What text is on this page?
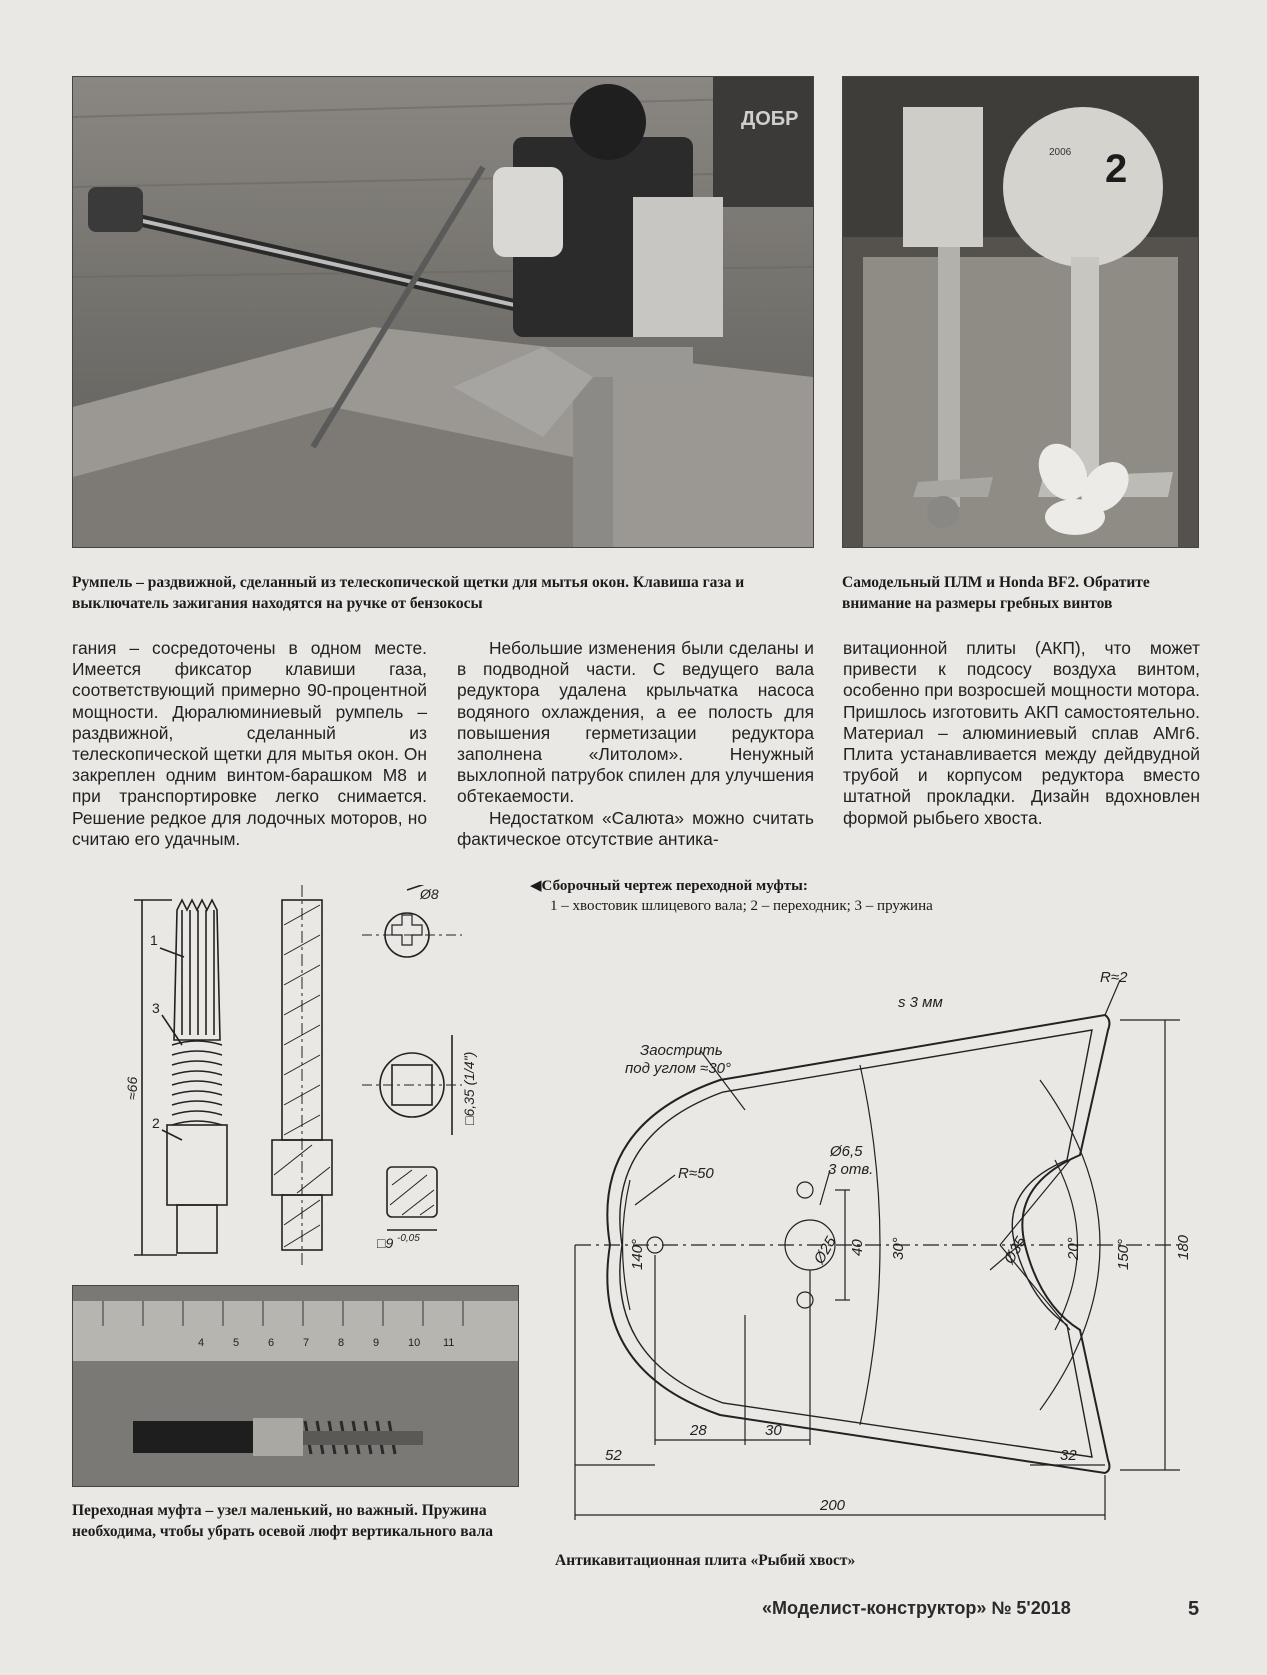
ДОБР
2
2006

Румпель – раздвижной, сделанный из телескопической щетки для мытья окон. Клавиша газа и выключатель зажигания находятся на ручке от бензокосы

Самодельный ПЛМ и Honda BF2. Обратите внимание на размеры гребных винтов

гания – сосредоточены в одном месте. Имеется фиксатор клавиши газа, соответствующий примерно 90-процентной мощности. Дюралюминиевый румпель – раздвижной, сделанный из телескопической щетки для мытья окон. Он закреплен одним винтом-барашком М8 и при транспортировке легко снимается. Решение редкое для лодочных моторов, но считаю его удачным.

Небольшие изменения были сделаны и в подводной части. С ведущего вала редуктора удалена крыльчатка насоса водяного охлаждения, а ее полость для повышения герметизации редуктора заполнена «Литолом». Ненужный выхлопной патрубок спилен для улучшения обтекаемости.

Недостатком «Салюта» можно считать фактическое отсутствие антика-

витационной плиты (АКП), что может привести к подсосу воздуха винтом, особенно при возросшей мощности мотора. Пришлось изготовить АКП самостоятельно. Материал – алюминиевый сплав АМг6. Плита устанавливается между дейдвудной трубой и корпусом редуктора вместо штатной прокладки. Дизайн вдохновлен формой рыбьего хвоста.

◀Сборочный чертеж переходной муфты:
1 – хвостовик шлицевого вала; 2 – переходник; 3 – пружина
1
3
2
≈66
Ø8
□6,35 (1/4")
□9 -0,05
4	5	6	7	8	9	10 11

Переходная муфта – узел маленький, но важный. Пружина необходима, чтобы убрать осевой люфт вертикального вала

R≈2
s 3 мм
Заострить
под углом ≈30°
Ø6,5
3 отв.
R≈50
140°	Ø25 40 30°	Ø35 20° 150°	180
28	30
52	32
200
Антикавитационная плита «Рыбий хвост»
«Моделист-конструктор» № 5'2018	5
